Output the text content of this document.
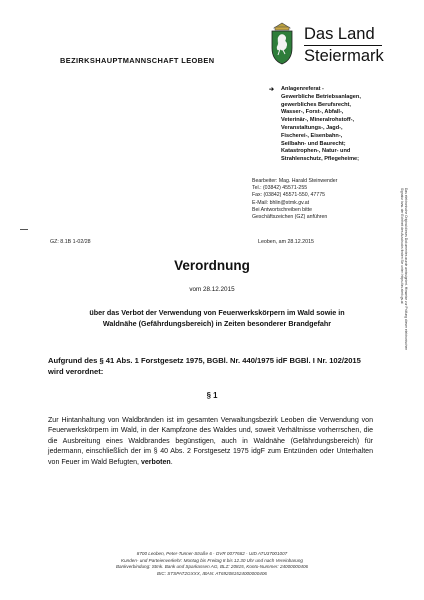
BEZIRKSHAUPTMANNSCHAFT LEOBEN
Das Land
Steiermark
➔ Anlagenreferat -
Gewerbliche Betriebsanlagen,
gewerbliches Berufsrecht,
Wasser-, Forst-, Abfall-,
Veterinär-, Mineralrohstoff-,
Veranstaltungs-, Jagd-,
Fischerei-, Eisenbahn-,
Seilbahn- und Baurecht;
Katastrophen-, Natur- und
Strahlenschutz, Pflegeheime;
Bearbeiter: Mag. Harald Steinwender
Tel.: (03842) 45571-255
Fax: (03842) 45571-550, 47775
E-Mail: bhlin@stmk.gv.at
Bei Antwortschreiben bitte
Geschäftszeichen (GZ) anführen	Das elektronische Original dieses Dokumentes wurde amtssigniert. Hinweise zur Prüfung dieser elektronischen Signatur bzw. der Echtheit des Ausdrucks finden Sie unter: https://as.stmk.gv.at
GZ: 8.1B 1-02/28	Leoben, am 28.12.2015
Verordnung
vom 28.12.2015
über das Verbot der Verwendung von Feuerwerkskörpern im Wald sowie in
Waldnähe (Gefährdungsbereich) in Zeiten besonderer Brandgefahr
Aufgrund des § 41 Abs. 1 Forstgesetz 1975, BGBl. Nr. 440/1975 idF BGBl. I Nr. 102/2015 wird verordnet:
§ 1
Zur Hintanhaltung von Waldbränden ist im gesamten Verwaltungsbezirk Leoben die Verwendung von Feuerwerkskörpern im Wald, in der Kampfzone des Waldes und, soweit Verhältnisse vorherrschen, die die Ausbreitung eines Waldbrandes begünstigen, auch in Waldnähe (Gefährdungsbereich) für jedermann, einschließlich der im § 40 Abs. 2 Forstgesetz 1975 idgF zum Entzünden oder Unterhalten von Feuer im Wald Befugten, verboten.
8700 Leoben, Peter-Tunner-Straße 6 · DVR 0077682 · UID ATU37001007
Kunden- und Parteienverkehr: Montag bis Freitag 8 bis 12.30 Uhr und nach Vereinbarung
Bankverbindung: Stmk. Bank und Sparkassen AG, BLZ: 20815, Konto-Nummer: 24000000406
BIC: STSPAT2GXXX, IBAN: AT692081524000000406
